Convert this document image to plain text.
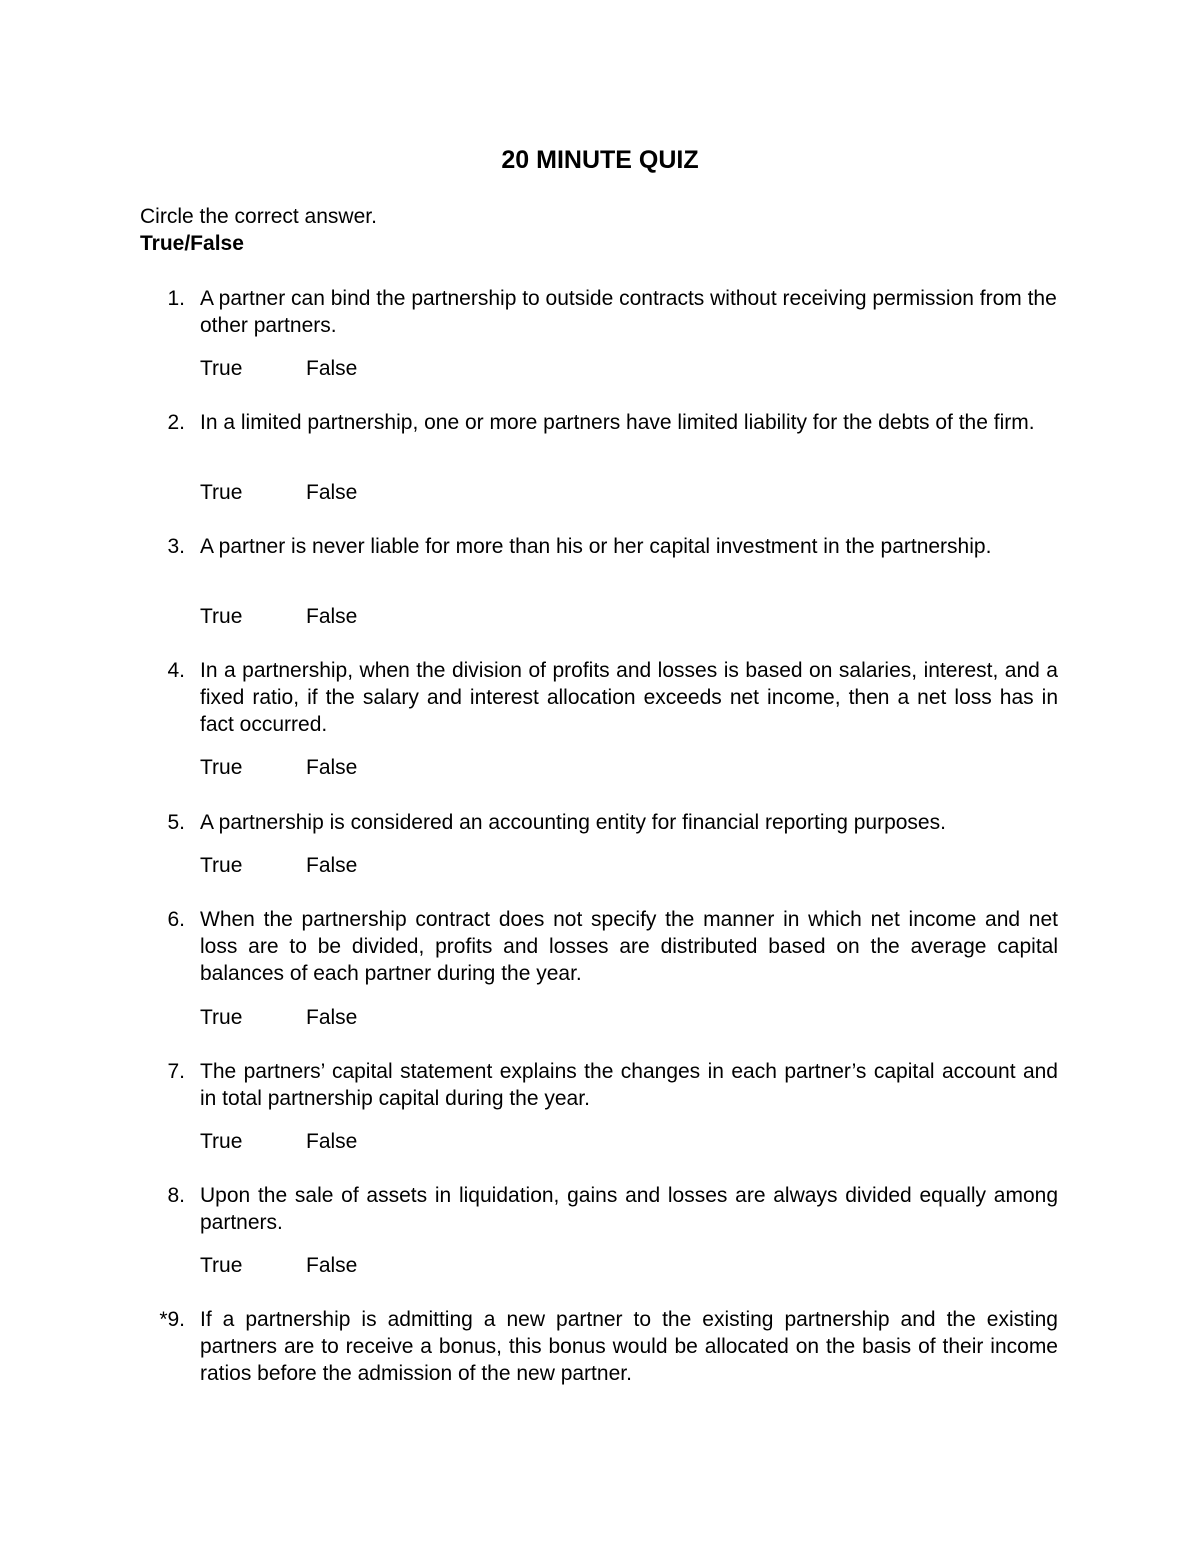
20 MINUTE QUIZ
Circle the correct answer.
True/False
1. A partner can bind the partnership to outside contracts without receiving permission from the other partners.
True	False
2. In a limited partnership, one or more partners have limited liability for the debts of the firm.
True	False
3. A partner is never liable for more than his or her capital investment in the partnership.
True	False
4. In a partnership, when the division of profits and losses is based on salaries, interest, and a fixed ratio, if the salary and interest allocation exceeds net income, then a net loss has in fact occurred.
True	False
5. A partnership is considered an accounting entity for financial reporting purposes.
True	False
6. When the partnership contract does not specify the manner in which net income and net loss are to be divided, profits and losses are distributed based on the average capital balances of each partner during the year.
True	False
7. The partners’ capital statement explains the changes in each partner’s capital account and in total partnership capital during the year.
True	False
8. Upon the sale of assets in liquidation, gains and losses are always divided equally among partners.
True	False
*9. If a partnership is admitting a new partner to the existing partnership and the existing partners are to receive a bonus, this bonus would be allocated on the basis of their income ratios before the admission of the new partner.
